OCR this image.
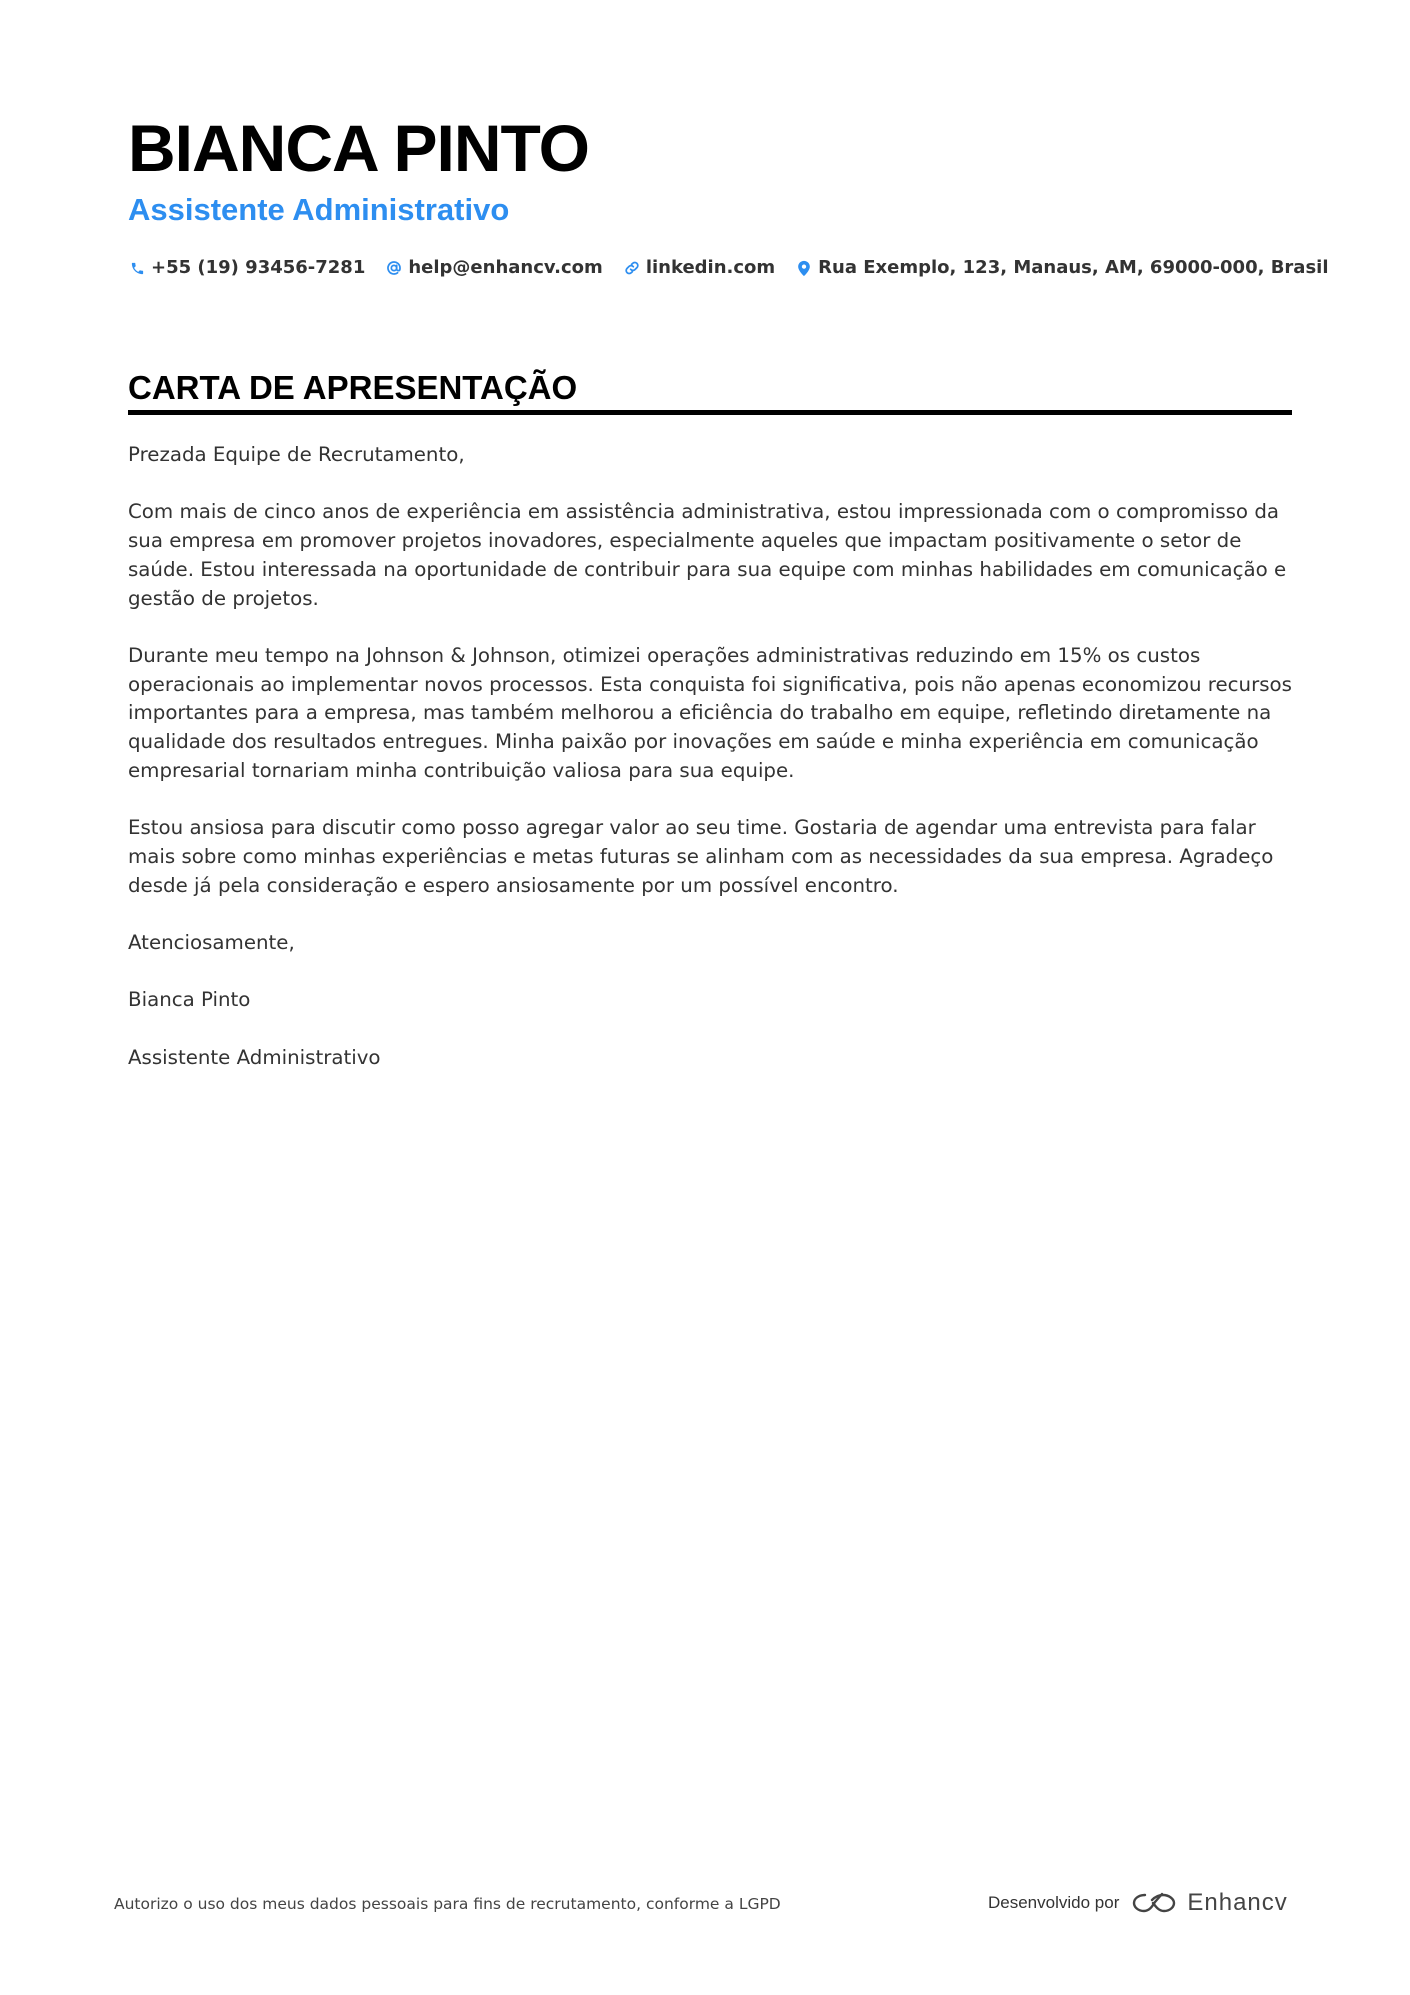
BIANCA PINTO
Assistente Administrativo
+55 (19) 93456-7281 help@enhancv.com linkedin.com Rua Exemplo, 123, Manaus, AM, 69000-000, Brasil
CARTA DE APRESENTAÇÃO

Prezada Equipe de Recrutamento,

Com mais de cinco anos de experiência em assistência administrativa, estou impressionada com o compromisso da sua empresa em promover projetos inovadores, especialmente aqueles que impactam positivamente o setor de saúde. Estou interessada na oportunidade de contribuir para sua equipe com minhas habilidades em comunicação e gestão de projetos.

Durante meu tempo na Johnson & Johnson, otimizei operações administrativas reduzindo em 15% os custos operacionais ao implementar novos processos. Esta conquista foi significativa, pois não apenas economizou recursos importantes para a empresa, mas também melhorou a eficiência do trabalho em equipe, refletindo diretamente na qualidade dos resultados entregues. Minha paixão por inovações em saúde e minha experiência em comunicação empresarial tornariam minha contribuição valiosa para sua equipe.

Estou ansiosa para discutir como posso agregar valor ao seu time. Gostaria de agendar uma entrevista para falar mais sobre como minhas experiências e metas futuras se alinham com as necessidades da sua empresa. Agradeço desde já pela consideração e espero ansiosamente por um possível encontro.

Atenciosamente,

Bianca Pinto

Assistente Administrativo

Autorizo o uso dos meus dados pessoais para fins de recrutamento, conforme a LGPD	Desenvolvido por	Enhancv
